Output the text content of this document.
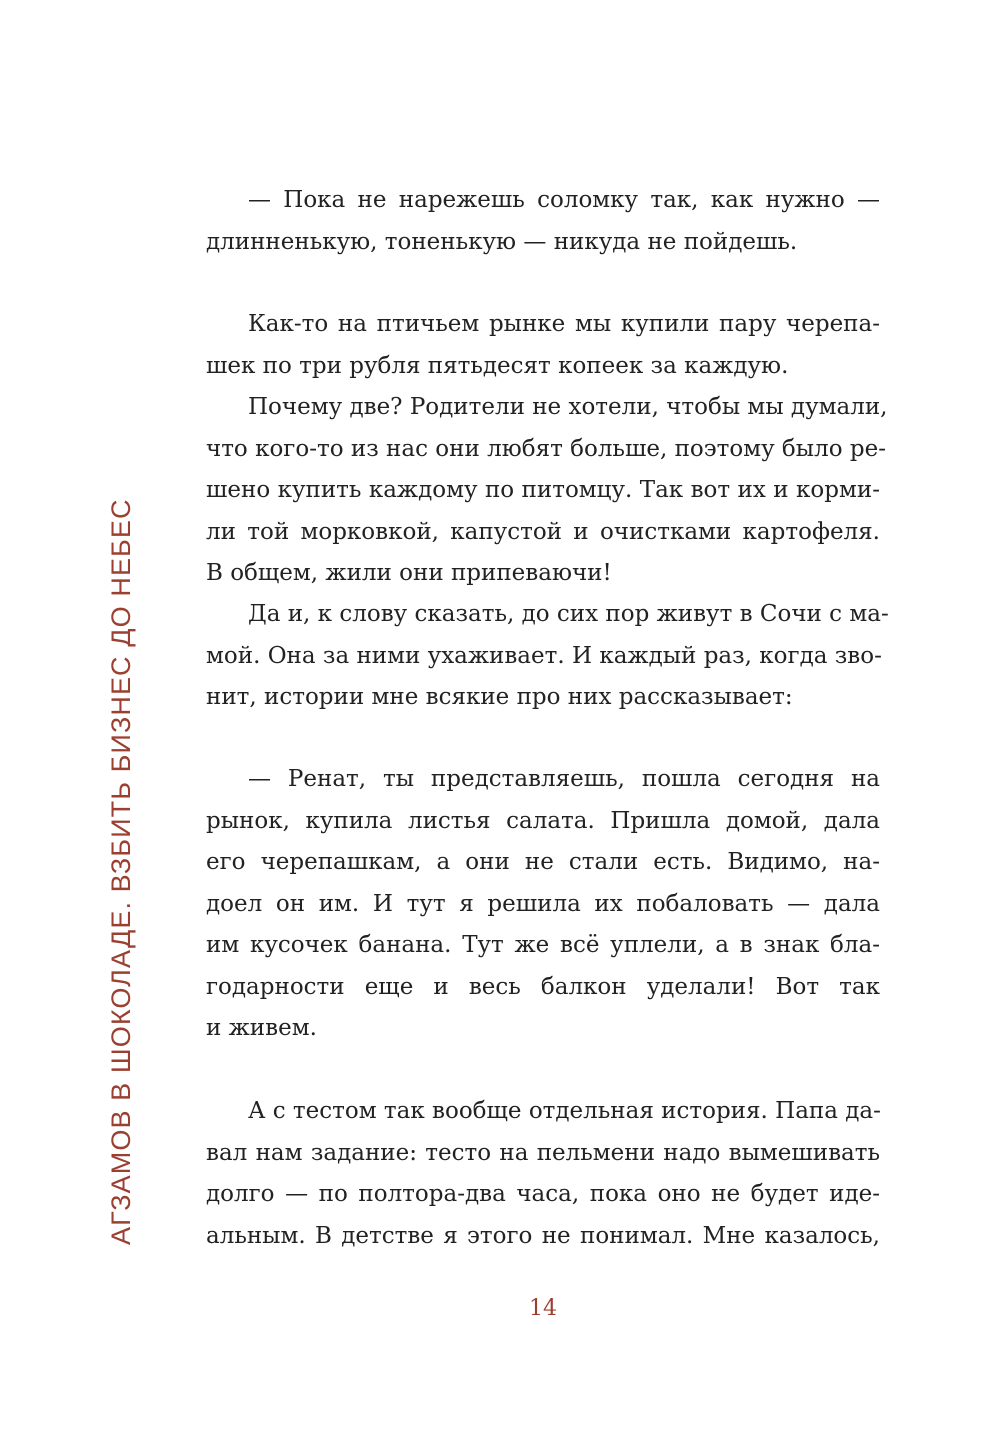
АГЗАМОВ В ШОКОЛАДЕ. ВЗБИТЬ БИЗНЕС ДО НЕБЕС
— Пока не нарежешь соломку так, как нужно —
длинненькую, тоненькую — никуда не пойдешь.
Как-то на птичьем рынке мы купили пару черепа-
шек по три рубля пятьдесят копеек за каждую.
Почему две? Родители не хотели, чтобы мы думали,
что кого-то из нас они любят больше, поэтому было ре-
шено купить каждому по питомцу. Так вот их и корми-
ли той морковкой, капустой и очистками картофеля.
В общем, жили они припеваючи!
Да и, к слову сказать, до сих пор живут в Сочи с ма-
мой. Она за ними ухаживает. И каждый раз, когда зво-
нит, истории мне всякие про них рассказывает:
— Ренат, ты представляешь, пошла сегодня на
рынок, купила листья салата. Пришла домой, дала
его черепашкам, а они не стали есть. Видимо, на-
доел он им. И тут я решила их побаловать — дала
им кусочек банана. Тут же всё уплели, а в знак бла-
годарности еще и весь балкон уделали! Вот так
и живем.
А с тестом так вообще отдельная история. Папа да-
вал нам задание: тесто на пельмени надо вымешивать
долго — по полтора-два часа, пока оно не будет иде-
альным. В детстве я этого не понимал. Мне казалось,
14
